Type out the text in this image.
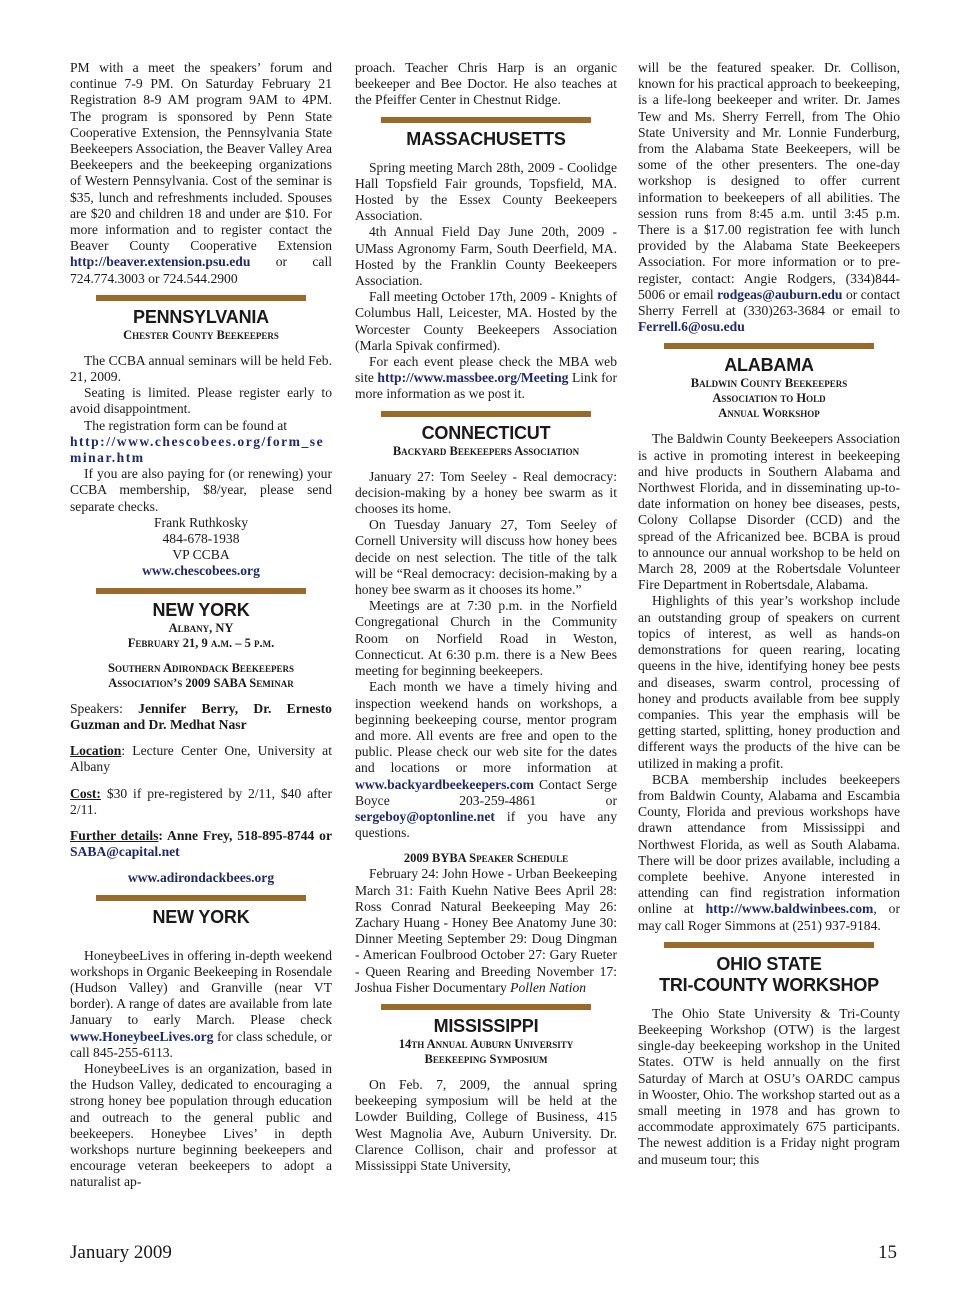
PM with a meet the speakers’ forum and continue 7-9 PM. On Saturday February 21 Registration 8-9 AM program 9AM to 4PM. The program is sponsored by Penn State Cooperative Extension, the Pennsylvania State Beekeepers Association, the Beaver Valley Area Beekeepers and the beekeeping organizations of Western Pennsylvania. Cost of the seminar is $35, lunch and refreshments included. Spouses are $20 and children 18 and under are $10. For more information and to register contact the Beaver County Cooperative Extension http://beaver.extension.psu.edu or call 724.774.3003 or 724.544.2900

PENNSYLVANIA
Chester County Beekeepers

The CCBA annual seminars will be held Feb. 21, 2009.

Seating is limited. Please register early to avoid disappointment.

The registration form can be found at

http://www.chescobees.org/form_seminar.htm

If you are also paying for (or renewing) your CCBA membership, $8/year, please send separate checks.

Frank Ruthkosky

484-678-1938

VP CCBA

www.chescobees.org

NEW YORK
Albany, NY
February 21, 9 a.m. – 5 p.m.
Southern Adirondack Beekeepers
Association’s 2009 SABA Seminar

Speakers: Jennifer Berry, Dr. Ernesto Guzman and Dr. Medhat Nasr

Location: Lecture Center One, University at Albany

Cost: $30 if pre-registered by 2/11, $40 after 2/11.

Further details: Anne Frey, 518-895-8744 or SABA@capital.net

www.adirondackbees.org

NEW YORK

HoneybeeLives in offering in-depth weekend workshops in Organic Beekeeping in Rosendale (Hudson Valley) and Granville (near VT border). A range of dates are available from late January to early March. Please check www.HoneybeeLives.org for class schedule, or call 845-255-6113.

HoneybeeLives is an organization, based in the Hudson Valley, dedicated to encouraging a strong honey bee population through education and outreach to the general public and beekeepers. Honeybee Lives’ in depth workshops nurture beginning beekeepers and encourage veteran beekeepers to adopt a naturalist ap-

proach. Teacher Chris Harp is an organic beekeeper and Bee Doctor. He also teaches at the Pfeiffer Center in Chestnut Ridge.

MASSACHUSETTS

Spring meeting March 28th, 2009 - Coolidge Hall Topsfield Fair grounds, Topsfield, MA. Hosted by the Essex County Beekeepers Association.

4th Annual Field Day June 20th, 2009 - UMass Agronomy Farm, South Deerfield, MA. Hosted by the Franklin County Beekeepers Association.

Fall meeting October 17th, 2009 - Knights of Columbus Hall, Leicester, MA. Hosted by the Worcester County Beekeepers Association (Marla Spivak confirmed).

For each event please check the MBA web site http://www.massbee.org/Meeting Link for more information as we post it.

CONNECTICUT
Backyard Beekeepers Association

January 27: Tom Seeley - Real democracy: decision-making by a honey bee swarm as it chooses its home.

On Tuesday January 27, Tom Seeley of Cornell University will discuss how honey bees decide on nest selection. The title of the talk will be “Real democracy: decision-making by a honey bee swarm as it chooses its home.”

Meetings are at 7:30 p.m. in the Norfield Congregational Church in the Community Room on Norfield Road in Weston, Connecticut. At 6:30 p.m. there is a New Bees meeting for beginning beekeepers.

Each month we have a timely hiving and inspection weekend hands on workshops, a beginning beekeeping course, mentor program and more. All events are free and open to the public. Please check our web site for the dates and locations or more information at www.backyardbeekeepers.com Contact Serge Boyce 203-259-4861 or sergeboy@optonline.net if you have any questions.

2009 BYBA Speaker Schedule

February 24: John Howe - Urban Beekeeping March 31: Faith Kuehn Native Bees April 28: Ross Conrad Natural Beekeeping May 26: Zachary Huang - Honey Bee Anatomy June 30: Dinner Meeting September 29: Doug Dingman - American Foulbrood October 27: Gary Rueter - Queen Rearing and Breeding November 17: Joshua Fisher Documentary Pollen Nation

MISSISSIPPI
14th Annual Auburn University
Beekeeping Symposium

On Feb. 7, 2009, the annual spring beekeeping symposium will be held at the Lowder Building, College of Business, 415 West Magnolia Ave, Auburn University. Dr. Clarence Collison, chair and professor at Mississippi State University,

will be the featured speaker. Dr. Collison, known for his practical approach to beekeeping, is a life-long beekeeper and writer. Dr. James Tew and Ms. Sherry Ferrell, from The Ohio State University and Mr. Lonnie Funderburg, from the Alabama State Beekeepers, will be some of the other presenters. The one-day workshop is designed to offer current information to beekeepers of all abilities. The session runs from 8:45 a.m. until 3:45 p.m. There is a $17.00 registration fee with lunch provided by the Alabama State Beekeepers Association. For more information or to pre-register, contact: Angie Rodgers, (334)844-5006 or email rodgeas@auburn.edu or contact Sherry Ferrell at (330)263-3684 or email to Ferrell.6@osu.edu

ALABAMA
Baldwin County Beekeepers
Association to Hold
Annual Workshop

The Baldwin County Beekeepers Association is active in promoting interest in beekeeping and hive products in Southern Alabama and Northwest Florida, and in disseminating up-to-date information on honey bee diseases, pests, Colony Collapse Disorder (CCD) and the spread of the Africanized bee. BCBA is proud to announce our annual workshop to be held on March 28, 2009 at the Robertsdale Volunteer Fire Department in Robertsdale, Alabama.

Highlights of this year’s workshop include an outstanding group of speakers on current topics of interest, as well as hands-on demonstrations for queen rearing, locating queens in the hive, identifying honey bee pests and diseases, swarm control, processing of honey and products available from bee supply companies. This year the emphasis will be getting started, splitting, honey production and different ways the products of the hive can be utilized in making a profit.

BCBA membership includes beekeepers from Baldwin County, Alabama and Escambia County, Florida and previous workshops have drawn attendance from Mississippi and Northwest Florida, as well as South Alabama. There will be door prizes available, including a complete beehive. Anyone interested in attending can find registration information online at http://www.baldwinbees.com, or may call Roger Simmons at (251) 937-9184.

OHIO STATE
TRI-COUNTY WORKSHOP

The Ohio State University & Tri-County Beekeeping Workshop (OTW) is the largest single-day beekeeping workshop in the United States. OTW is held annually on the first Saturday of March at OSU’s OARDC campus in Wooster, Ohio. The workshop started out as a small meeting in 1978 and has grown to accommodate approximately 675 participants. The newest addition is a Friday night program and museum tour; this

January 2009	15
